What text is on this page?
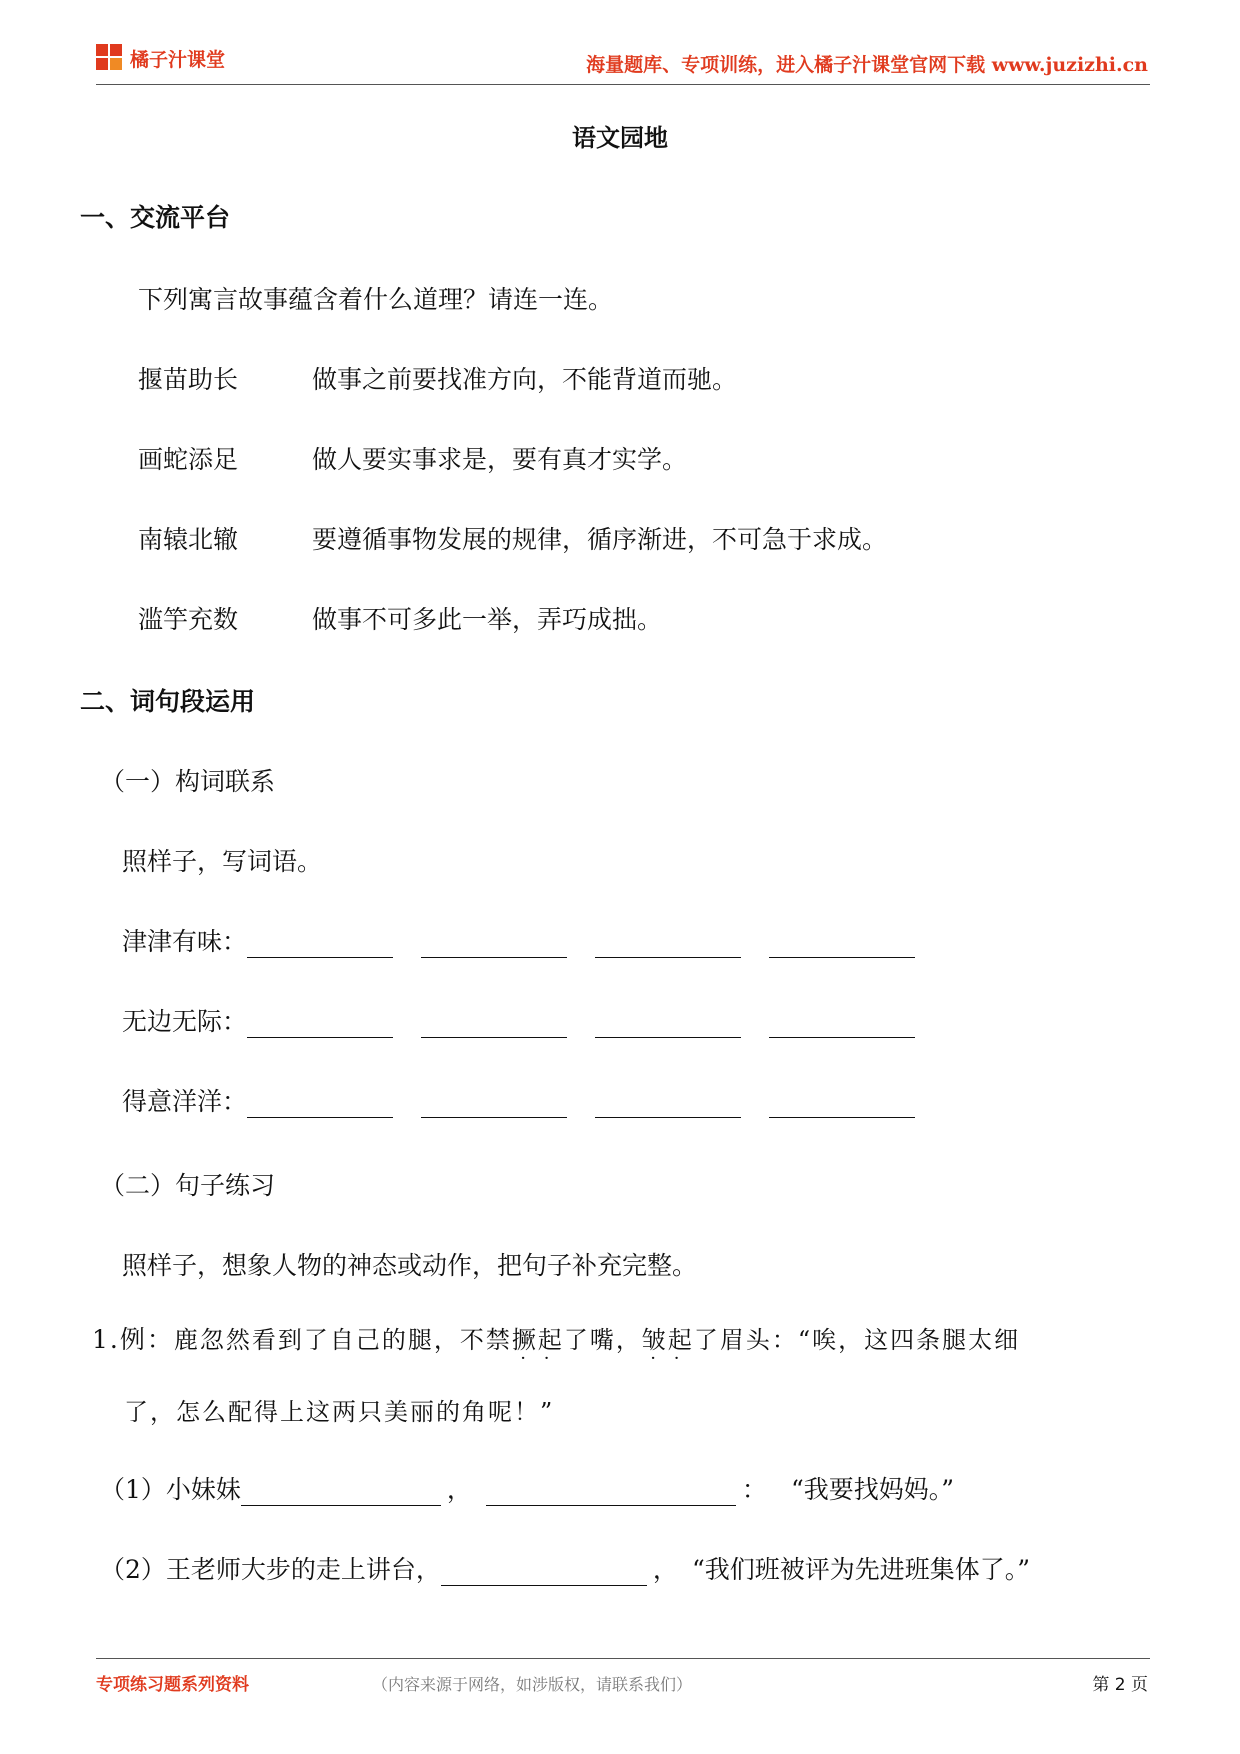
橘子汁课堂	海量题库、专项训练，进入橘子汁课堂官网下载 www.juzizhi.cn
语文园地
一、交流平台
下列寓言故事蕴含着什么道理？请连一连。
揠苗助长	做事之前要找准方向，不能背道而驰。
画蛇添足	做人要实事求是，要有真才实学。
南辕北辙	要遵循事物发展的规律，循序渐进，不可急于求成。
滥竽充数	做事不可多此一举，弄巧成拙。
二、词句段运用
（一）构词联系
照样子，写词语。
津津有味：
无边无际：
得意洋洋：
（二）句子练习
照样子，想象人物的神态或动作，把句子补充完整。
1.例：鹿忽然看到了自己的腿，不禁撅起 · ·了嘴，皱起 · ·了眉头：“唉，这四条腿太细
了，怎么配得上这两只美丽的角呢！”
（1）小妹妹	，	： “我要找妈妈。”
（2）王老师大步的走上讲台，	， “我们班被评为先进班集体了。”
专项练习题系列资料	（内容来源于网络，如涉版权，请联系我们）	第 2 页
